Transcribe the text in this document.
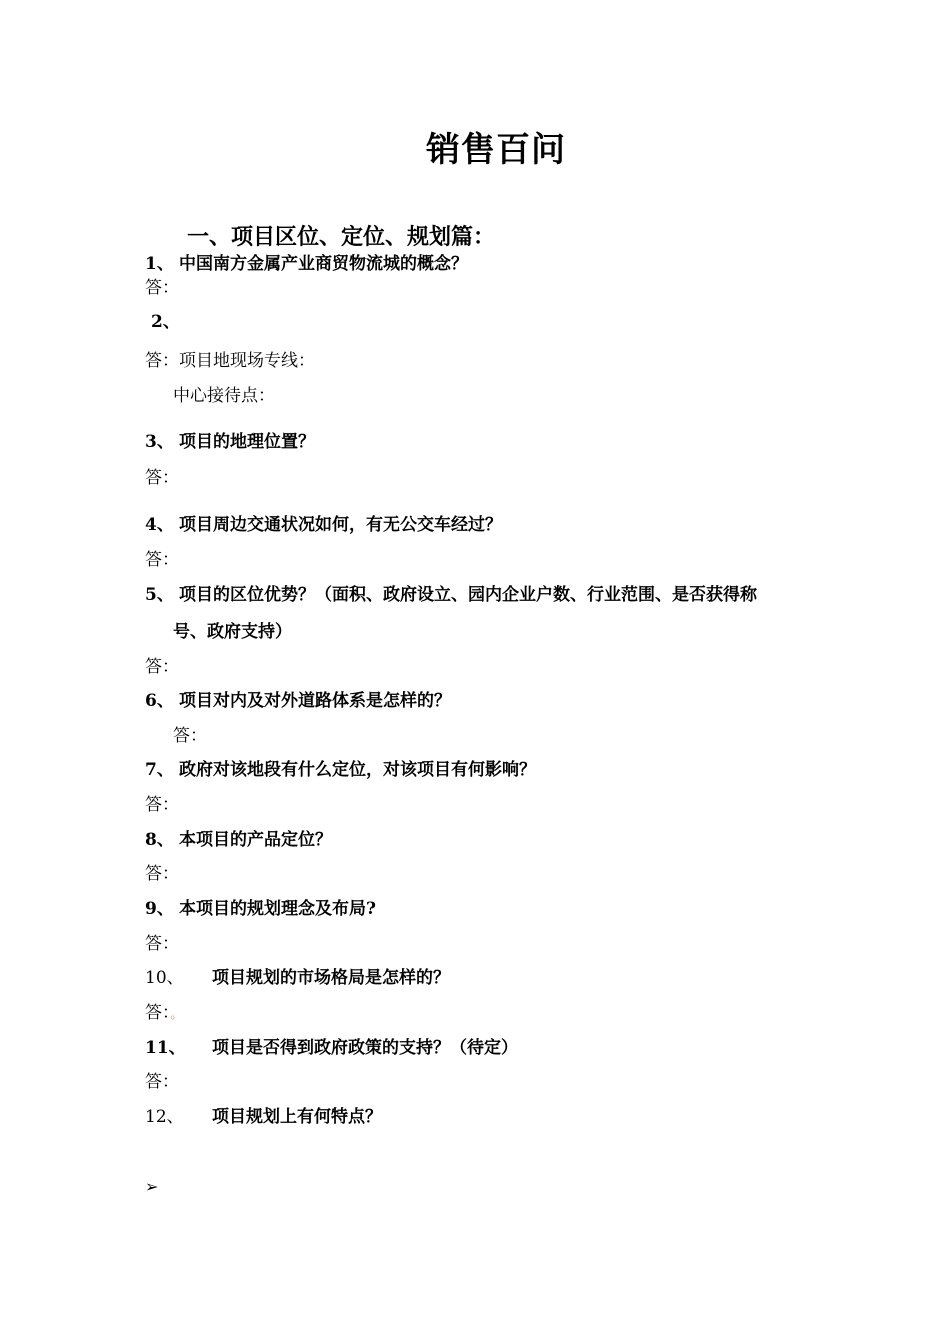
销售百问
一、项目区位、定位、规划篇：
1、 中国南方金属产业商贸物流城的概念？
答：
2、
答：项目地现场专线：
中心接待点：
3、 项目的地理位置？
答：
4、 项目周边交通状况如何，有无公交车经过？
答：
5、 项目的区位优势？（面积、政府设立、园内企业户数、行业范围、是否获得称
号、政府支持）
答：
6、 项目对内及对外道路体系是怎样的？
答：
7、 政府对该地段有什么定位，对该项目有何影响？
答：
8、 本项目的产品定位？
答：
9、 本项目的规划理念及布局?
答：
10、 项目规划的市场格局是怎样的？
答：。
11、 项目是否得到政府政策的支持？（待定）
答：
12、 项目规划上有何特点？
➢
